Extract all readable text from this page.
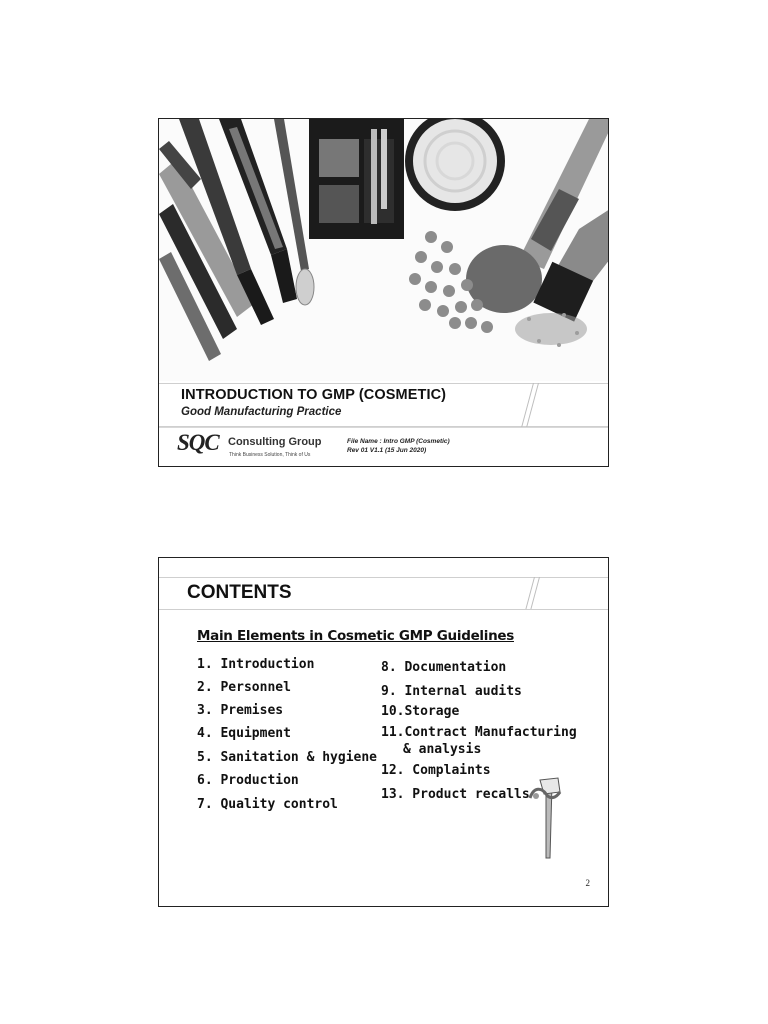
INTRODUCTION TO GMP (COSMETIC)
Good Manufacturing Practice
SQC Consulting Group
Think Business Solution, Think of Us
File Name : Intro GMP (Cosmetic)
Rev 01 V1.1 (15 Jun 2020)
CONTENTS
Main Elements in Cosmetic GMP Guidelines
1. Introduction
2. Personnel
3. Premises
4. Equipment
5. Sanitation & hygiene
6. Production
7. Quality control
8. Documentation
9. Internal audits
10.Storage
11.Contract Manufacturing
& analysis
12. Complaints
13. Product recalls
2
